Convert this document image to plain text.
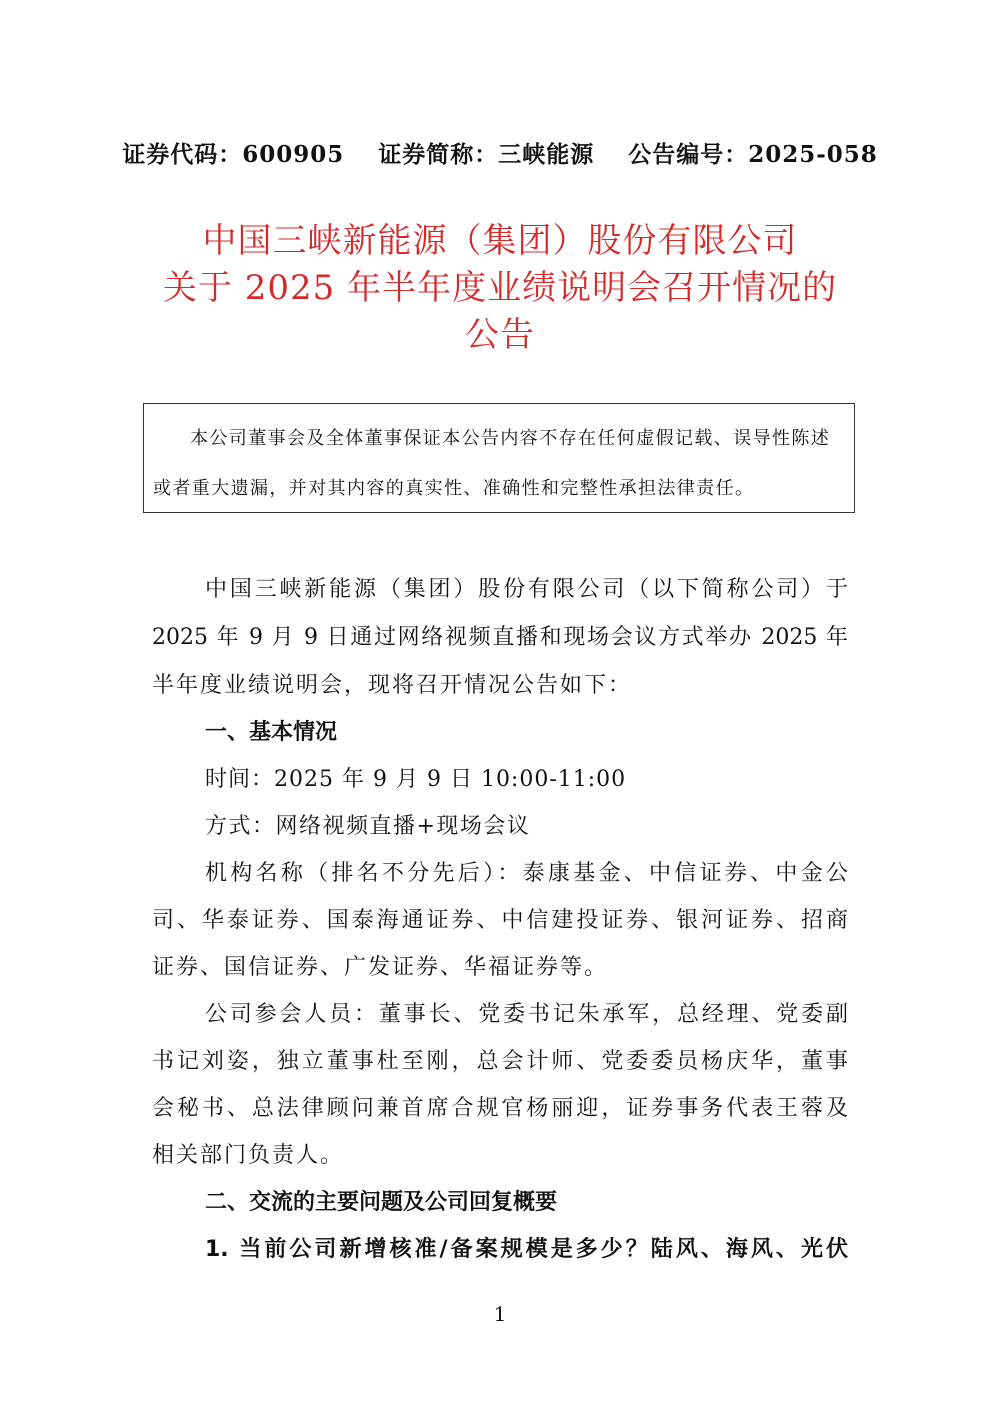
证券代码：600905 证券简称：三峡能源 公告编号：2025-058
中国三峡新能源（集团）股份有限公司
关于 2025 年半年度业绩说明会召开情况的
公告
本公司董事会及全体董事保证本公告内容不存在任何虚假记载、误导性陈述
或者重大遗漏，并对其内容的真实性、准确性和完整性承担法律责任。
中国三峡新能源（集团）股份有限公司（以下简称公司）于
2025 年 9 月 9 日通过网络视频直播和现场会议方式举办 2025 年
半年度业绩说明会，现将召开情况公告如下：
一、基本情况
时间：2025 年 9 月 9 日 10:00-11:00
方式：网络视频直播+现场会议
机构名称（排名不分先后）：泰康基金、中信证券、中金公
司、华泰证券、国泰海通证券、中信建投证券、银河证券、招商
证券、国信证券、广发证券、华福证券等。
公司参会人员：董事长、党委书记朱承军，总经理、党委副
书记刘姿，独立董事杜至刚，总会计师、党委委员杨庆华，董事
会秘书、总法律顾问兼首席合规官杨丽迎，证券事务代表王蓉及
相关部门负责人。
二、交流的主要问题及公司回复概要
1. 当前公司新增核准/备案规模是多少？陆风、海风、光伏
1
